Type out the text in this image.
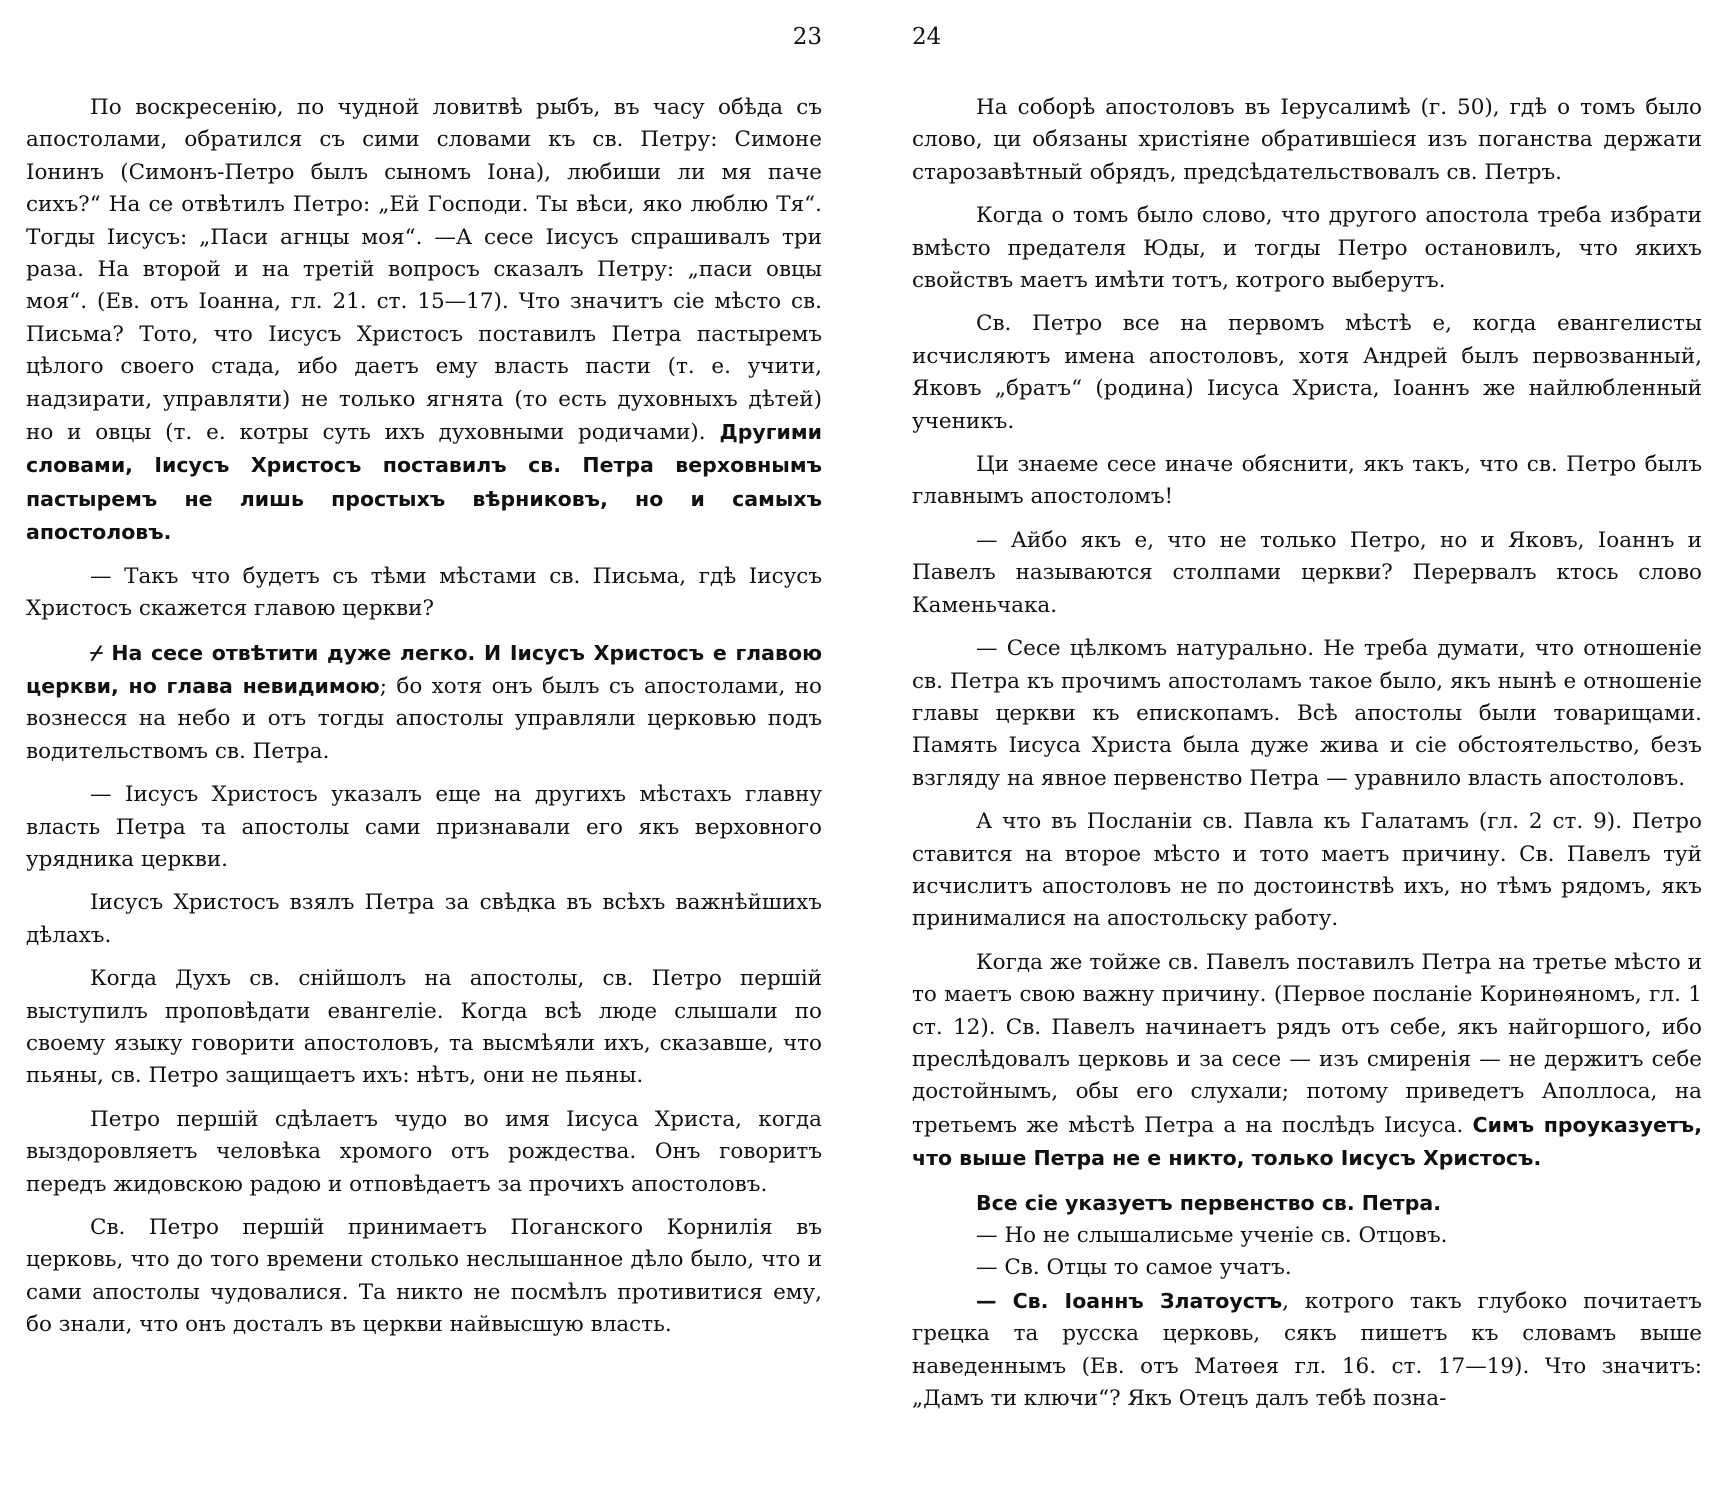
23

По воскресенію, по чудной ловитвѣ рыбъ, въ часу обѣда съ апостолами, обратился съ сими словами къ св. Петру: Симоне Іонинъ (Симонъ-Петро былъ сыномъ Іона), любиши ли мя паче сихъ?“ На се отвѣтилъ Петро: „Ей Господи. Ты вѣси, яко люблю Тя“. Тогды Іисусъ: „Паси агнцы моя“. —А сесе Іисусъ спрашивалъ три раза. На второй и на третій вопросъ сказалъ Петру: „паси овцы моя“. (Ев. отъ Іоанна, гл. 21. ст. 15—17). Что значитъ сіе мѣсто св. Письма? Тото, что Іисусъ Христосъ поставилъ Петра пастыремъ цѣлого своего стада, ибо даетъ ему власть пасти (т. е. учити, надзирати, управляти) не только ягнята (то есть духовныхъ дѣтей) но и овцы (т. е. котры суть ихъ духовными родичами). Другими словами, Іисусъ Христосъ поставилъ св. Петра верховнымъ пастыремъ не лишь простыхъ вѣрниковъ, но и самыхъ апостоловъ.

— Такъ что будетъ съ тѣми мѣстами св. Письма, гдѣ Іисусъ Христосъ скажется главою церкви?

⌿ На сесе отвѣтити дуже легко. И Іисусъ Христосъ е главою церкви, но глава невидимою; бо хотя онъ былъ съ апостолами, но вознесся на небо и отъ тогды апостолы управляли церковью подъ водительствомъ св. Петра.

— Іисусъ Христосъ указалъ еще на другихъ мѣстахъ главну власть Петра та апостолы сами признавали его якъ верховного урядника церкви.

Іисусъ Христосъ взялъ Петра за свѣдка въ всѣхъ важнѣйшихъ дѣлахъ.

Когда Духъ св. снійшолъ на апостолы, св. Петро першій выступилъ проповѣдати евангеліе. Когда всѣ люде слышали по своему языку говорити апостоловъ, та высмѣяли ихъ, сказавше, что пьяны, св. Петро защищаетъ ихъ: нѣтъ, они не пьяны.

Петро першій сдѣлаетъ чудо во имя Іисуса Христа, когда выздоровляетъ человѣка хромого отъ рождества. Онъ говоритъ передъ жидовскою радою и отповѣдаетъ за прочихъ апостоловъ.

Св. Петро першій принимаетъ Поганского Корнилія въ церковь, что до того времени столько неслышанное дѣло было, что и сами апостолы чудовалися. Та никто не посмѣлъ противитися ему, бо знали, что онъ досталъ въ церкви найвысшую власть.

24

На соборѣ апостоловъ въ Іерусалимѣ (г. 50), гдѣ о томъ было слово, ци обязаны христіяне обратившіеся изъ поганства держати старозавѣтный обрядъ, предсѣдательствовалъ св. Петръ.

Когда о томъ было слово, что другого апостола треба избрати вмѣсто предателя Юды, и тогды Петро остановилъ, что якихъ свойствъ маетъ имѣти тотъ, котрого выберутъ.

Св. Петро все на первомъ мѣстѣ е, когда евангелисты исчисляютъ имена апостоловъ, хотя Андрей былъ первозванный, Яковъ „братъ“ (родина) Іисуса Христа, Іоаннъ же найлюбленный ученикъ.

Ци знаеме сесе иначе обяснити, якъ такъ, что св. Петро былъ главнымъ апостоломъ!

— Айбо якъ е, что не только Петро, но и Яковъ, Іоаннъ и Павелъ называются столпами церкви? Перервалъ ктось слово Каменьчака.

— Сесе цѣлкомъ натурально. Не треба думати, что отношеніе св. Петра къ прочимъ апостоламъ такое было, якъ нынѣ е отношеніе главы церкви къ епископамъ. Всѣ апостолы были товарищами. Память Іисуса Христа была дуже жива и сіе обстоятельство, безъ взгляду на явное первенство Петра — уравнило власть апостоловъ.

А что въ Посланіи св. Павла къ Галатамъ (гл. 2 ст. 9). Петро ставится на второе мѣсто и тото маетъ причину. Св. Павелъ туй исчислитъ апостоловъ не по достоинствѣ ихъ, но тѣмъ рядомъ, якъ принималися на апостольску работу.

Когда же тойже св. Павелъ поставилъ Петра на третье мѣсто и то маетъ свою важну причину. (Первое посланіе Коринѳяномъ, гл. 1 ст. 12). Св. Павелъ начинаетъ рядъ отъ себе, якъ найгоршого, ибо преслѣдовалъ церковь и за сесе — изъ смиренія — не держитъ себе достойнымъ, обы его слухали; потому приведетъ Аполлоса, на третьемъ же мѣстѣ Петра а на послѣдъ Іисуса. Симъ проуказуетъ, что выше Петра не е никто, только Іисусъ Христосъ.

Все сіе указуетъ первенство св. Петра.

— Но не слышалисьме ученіе св. Отцовъ.

— Св. Отцы то самое учатъ.

— Св. Іоаннъ Златоустъ, котрого такъ глубоко почитаетъ грецка та русска церковь, сякъ пишетъ къ словамъ выше наведеннымъ (Ев. отъ Матѳея гл. 16. ст. 17—19). Что значитъ: „Дамъ ти ключи“? Якъ Отецъ далъ тебѣ позна-
